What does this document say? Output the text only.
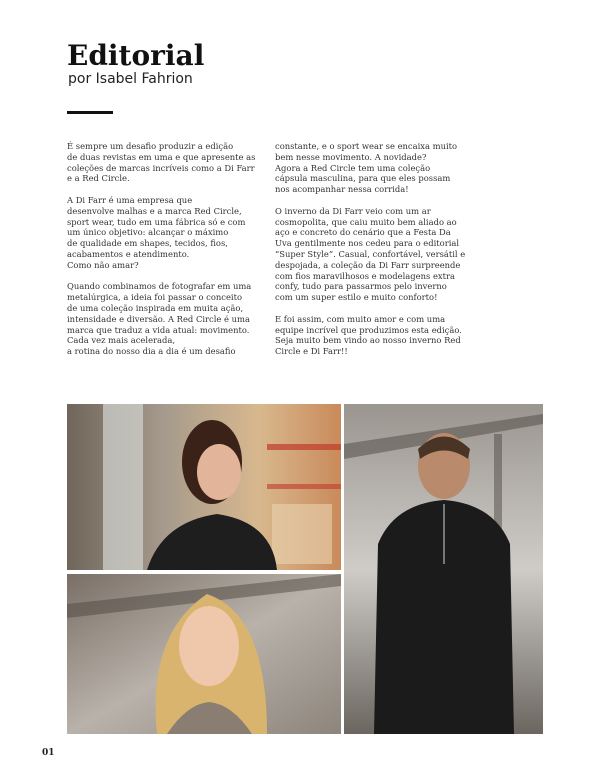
Editorial
por Isabel Fahrion

É sempre um desafio produzir a edição
de duas revistas em uma e que apresente as
coleções de marcas incríveis como a Di Farr
e a Red Circle.

A Di Farr é uma empresa que
desenvolve malhas e a marca Red Circle,
sport wear, tudo em uma fábrica só e com
um único objetivo: alcançar o máximo
de qualidade em shapes, tecidos, fios,
acabamentos e atendimento.
Como não amar?

Quando combinamos de fotografar em uma
metalúrgica, a ideia foi passar o conceito
de uma coleção inspirada em muita ação,
intensidade e diversão. A Red Circle é uma
marca que traduz a vida atual: movimento.
Cada vez mais acelerada,
a rotina do nosso dia a dia é um desafio

constante, e o sport wear se encaixa muito
bem nesse movimento. A novidade?
Agora a Red Circle tem uma coleção
cápsula masculina, para que eles possam
nos acompanhar nessa corrida!

O inverno da Di Farr veio com um ar
cosmopolita, que caiu muito bem aliado ao
aço e concreto do cenário que a Festa Da
Uva gentilmente nos cedeu para o editorial
“Super Style”. Casual, confortável, versátil e
despojada, a coleção da Di Farr surpreende
com fios maravilhosos e modelagens extra
confy, tudo para passarmos pelo inverno
com um super estilo e muito conforto!

E foi assim, com muito amor e com uma
equipe incrível que produzimos esta edição.
Seja muito bem vindo ao nosso inverno Red
Circle e Di Farr!!

01
